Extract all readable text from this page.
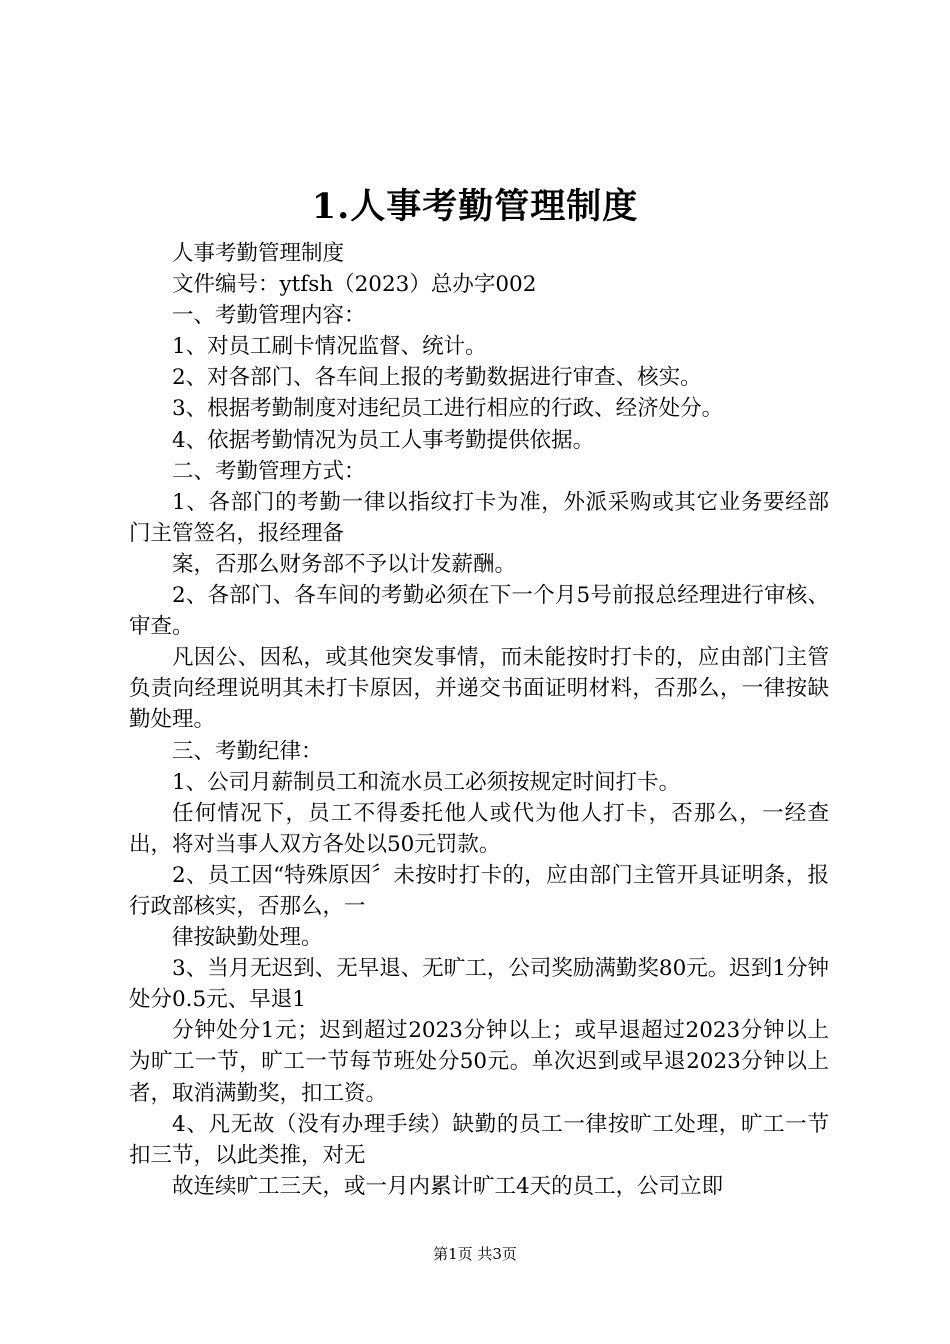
1.人事考勤管理制度

人事考勤管理制度

文件编号：ytfsh（2023）总办字002

一、考勤管理内容：

1、对员工刷卡情况监督、统计。

2、对各部门、各车间上报的考勤数据进行审查、核实。

3、根据考勤制度对违纪员工进行相应的行政、经济处分。

4、依据考勤情况为员工人事考勤提供依据。

二、考勤管理方式：

1、各部门的考勤一律以指纹打卡为准，外派采购或其它业务要经部门主管签名，报经理备

案，否那么财务部不予以计发薪酬。

2、各部门、各车间的考勤必须在下一个月5号前报总经理进行审核、审查。

凡因公、因私，或其他突发事情，而未能按时打卡的，应由部门主管负责向经理说明其未打卡原因，并递交书面证明材料，否那么，一律按缺勤处理。

三、考勤纪律：

1、公司月薪制员工和流水员工必须按规定时间打卡。

任何情况下，员工不得委托他人或代为他人打卡，否那么，一经查出，将对当事人双方各处以50元罚款。

2、员工因“特殊原因〞未按时打卡的，应由部门主管开具证明条，报行政部核实，否那么，一

律按缺勤处理。

3、当月无迟到、无早退、无旷工，公司奖励满勤奖80元。迟到1分钟处分0.5元、早退1

分钟处分1元；迟到超过2023分钟以上；或早退超过2023分钟以上为旷工一节，旷工一节每节班处分50元。单次迟到或早退2023分钟以上者，取消满勤奖，扣工资。

4、凡无故（没有办理手续）缺勤的员工一律按旷工处理，旷工一节扣三节，以此类推，对无

故连续旷工三天，或一月内累计旷工4天的员工，公司立即

第1页 共3页
